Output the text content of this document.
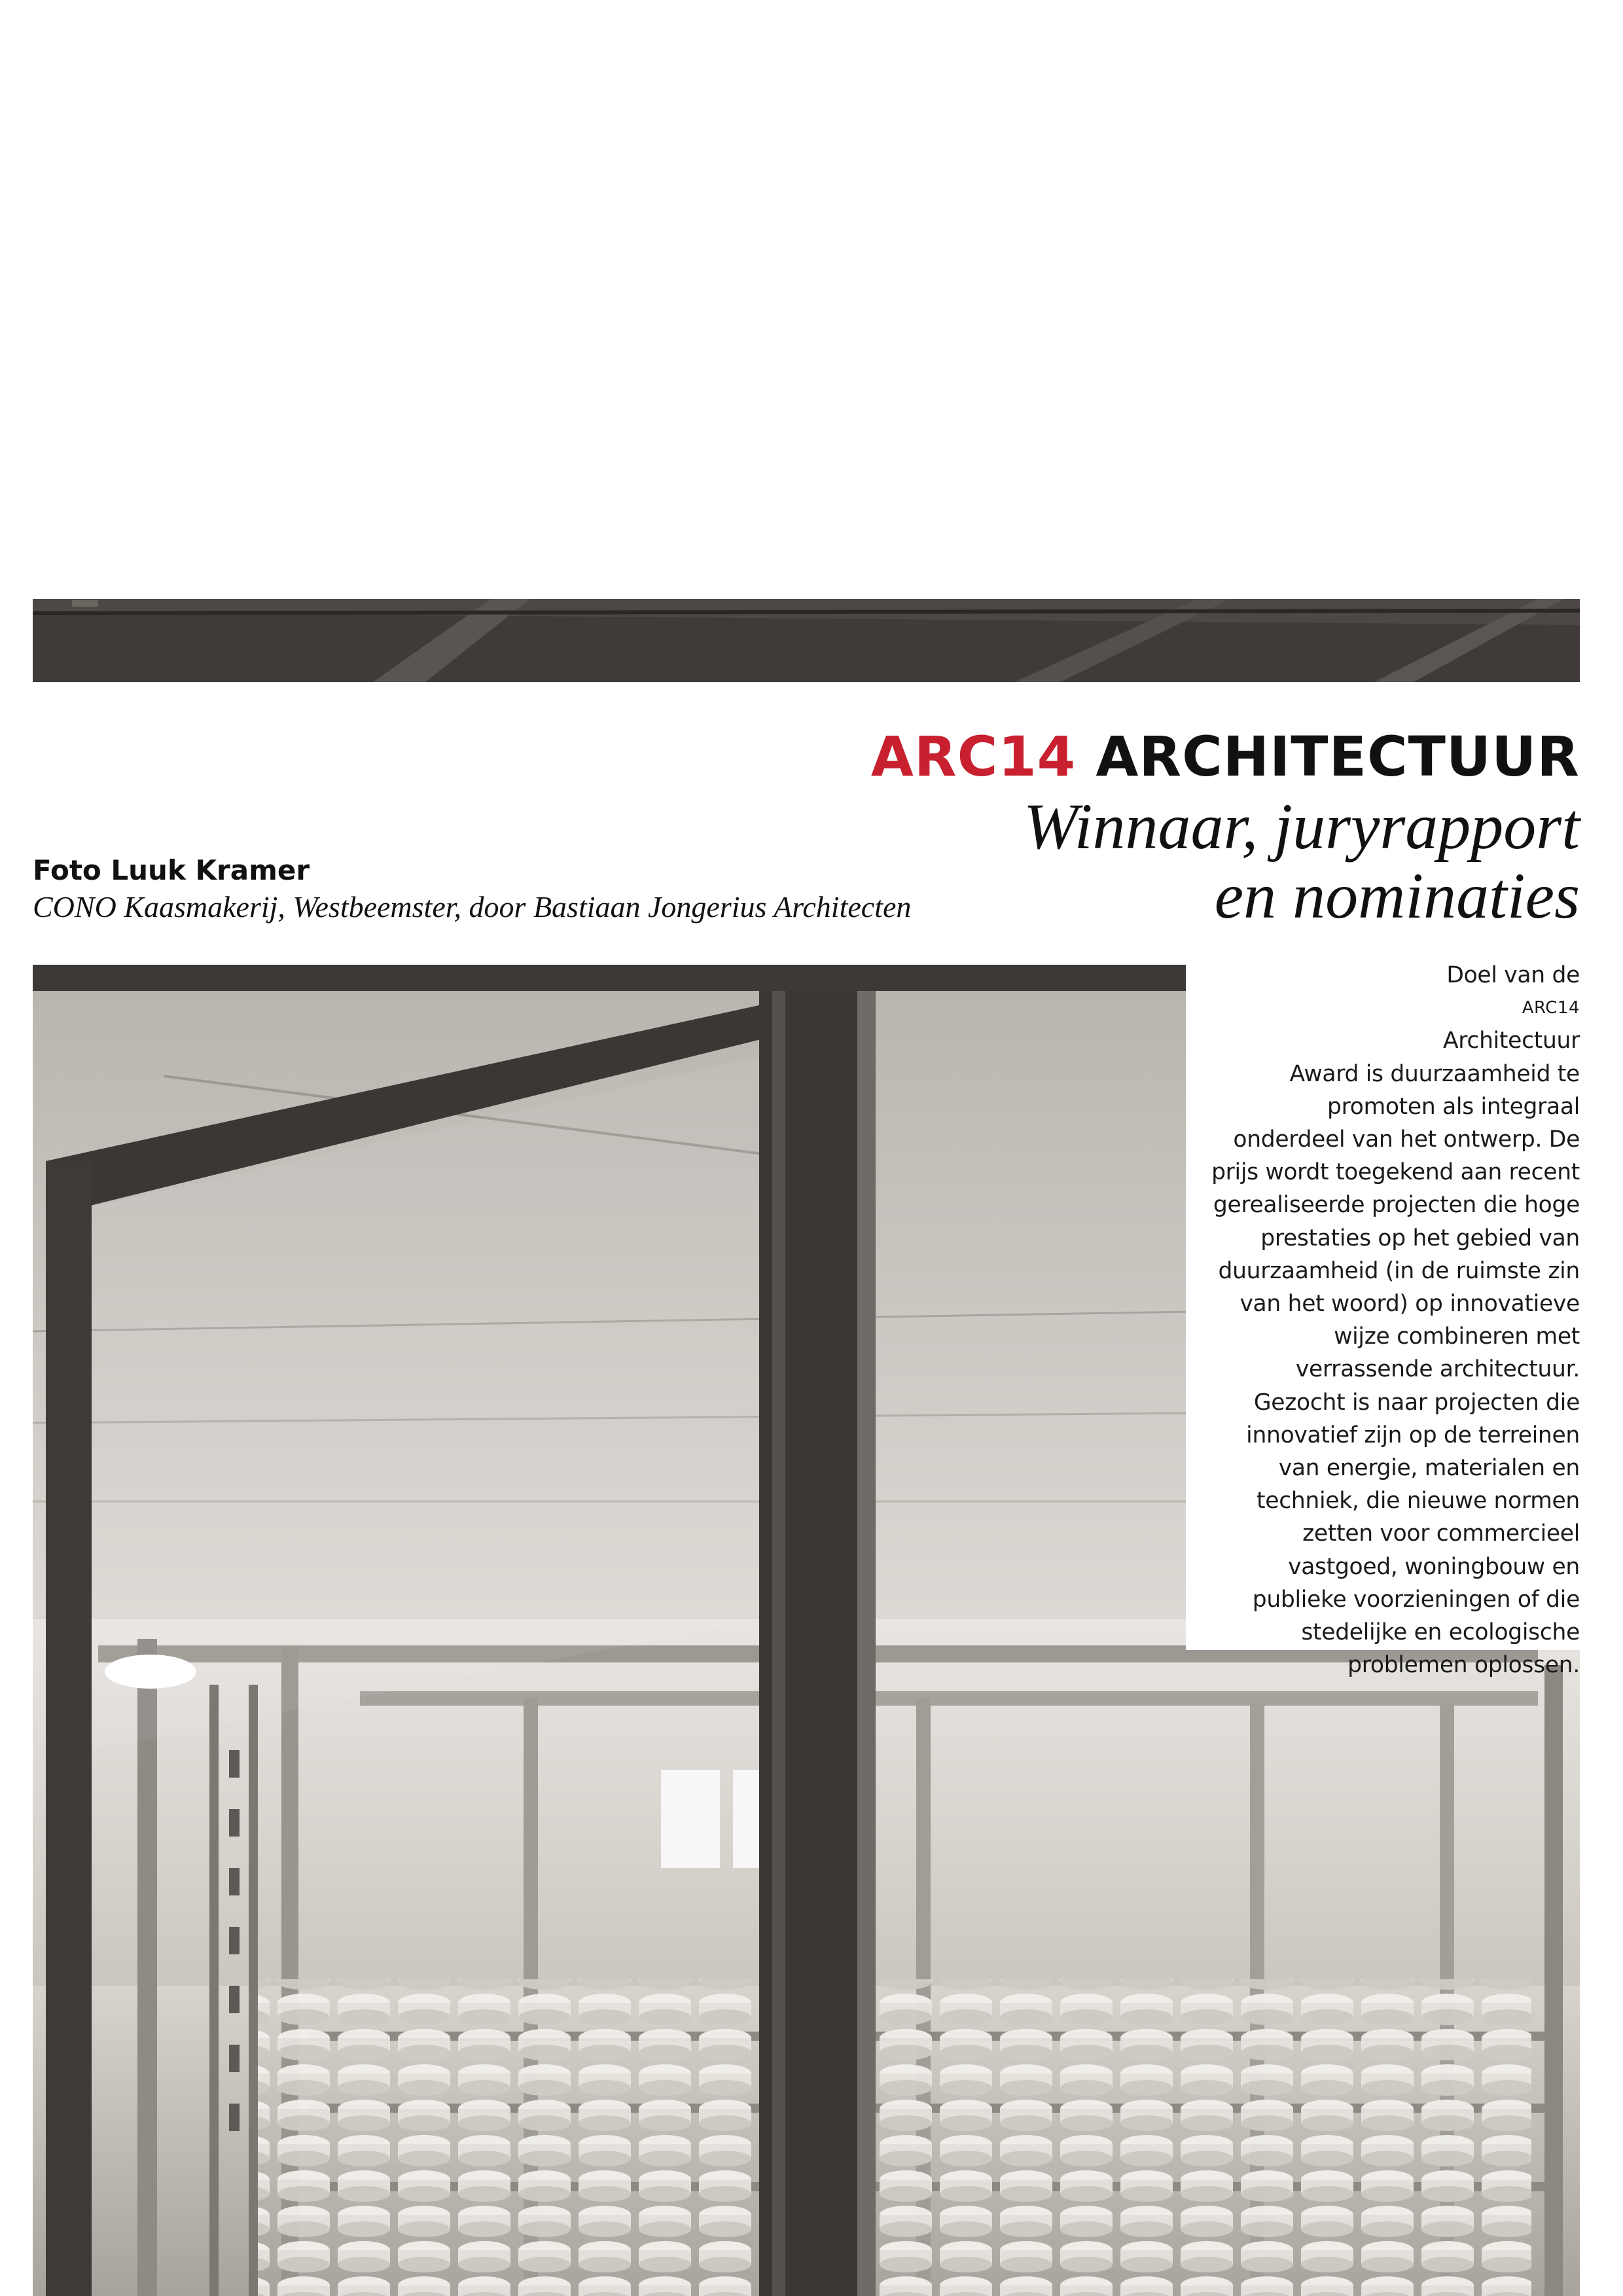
ARC14 ARCHITECTUUR
Winnaar, juryrapport
en nominaties

Foto Luuk Kramer

CONO Kaasmakerij, Westbeemster, door Bastiaan Jongerius Architecten

Doel van de
ARC14
Architectuur
Award is duurzaamheid te
promoten als integraal
onderdeel van het ontwerp. De
prijs wordt toegekend aan recent
gerealiseerde projecten die hoge
prestaties op het gebied van
duurzaamheid (in de ruimste zin
van het woord) op innovatieve
wijze combineren met
verrassende architectuur.
Gezocht is naar projecten die
innovatief zijn op de terreinen
van energie, materialen en
techniek, die nieuwe normen
zetten voor commercieel
vastgoed, woningbouw en
publieke voorzieningen of die
stedelijke en ecologische
problemen oplossen.
